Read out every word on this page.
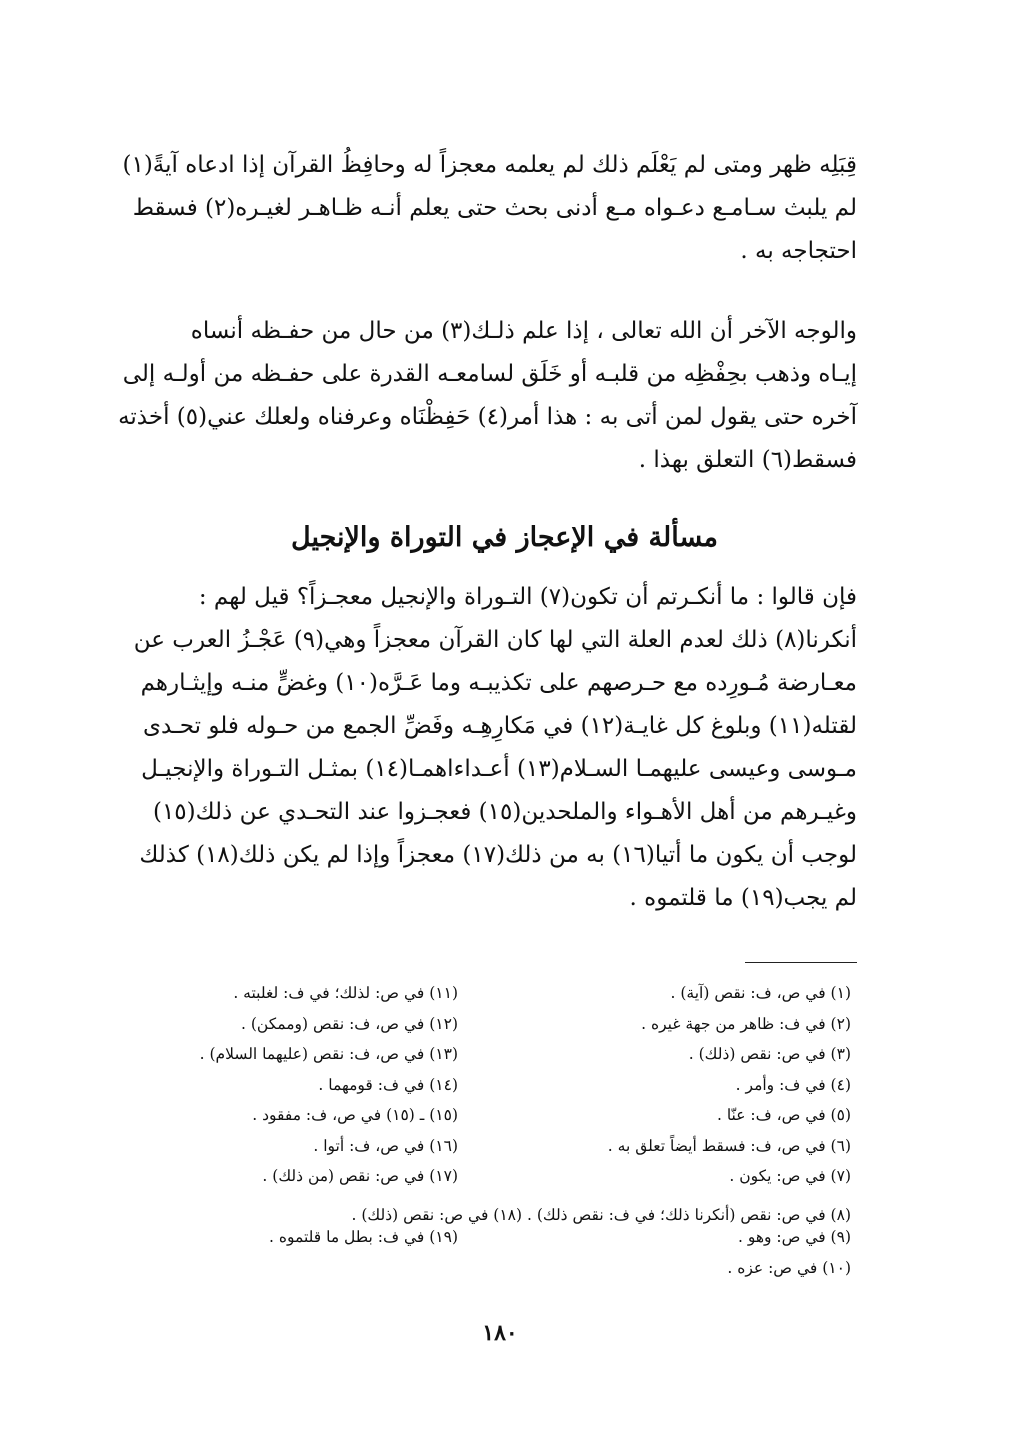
قِبَلِه ظهر ومتى لم يَعْلَم ذلك لم يعلمه معجزاً له وحافِظُ القرآن إذا ادعاه آيةً(١)
لم يلبث سـامـع دعـواه مـع أدنى بحث حتى يعلم أنـه ظـاهـر لغيـره(٢) فسقط
احتجاجه به .

والوجه الآخر أن الله تعالى ، إذا علم ذلـك(٣) من حال من حفـظه أنساه
إيـاه وذهب بحِفْظِه من قلبـه أو خَلَق لسامعـه القدرة على حفـظه من أولـه إلى
آخره حتى يقول لمن أتى به : هذا أمر(٤) حَفِظْنَاه وعرفناه ولعلك عني(٥) أخذته
فسقط(٦) التعلق بهذا .

مسألة في الإعجاز في التوراة والإنجيل

فإن قالوا : ما أنكـرتم أن تكون(٧) التـوراة والإنجيل معجـزاً؟ قيل لهم :
أنكرنا(٨) ذلك لعدم العلة التي لها كان القرآن معجزاً وهي(٩) عَجْـزُ العرب عن
معـارضة مُـورِده مع حـرصهم على تكذيبـه وما عَـرَّه(١٠) وغضٍّ منـه وإيثـارهم
لقتله(١١) وبلوغ كل غايـة(١٢) في مَكارِهِـه وفَضِّ الجمع من حـوله فلو تحـدى
مـوسى وعيسى عليهمـا السـلام(١٣) أعـداءاهمـا(١٤) بمثـل التـوراة والإنجيـل
وغيـرهم من أهل الأهـواء والملحدين(١٥) فعجـزوا عند التحـدي عن ذلك(١٥)
لوجب أن يكون ما أتيا(١٦) به من ذلك(١٧) معجزاً وإذا لم يكن ذلك(١٨) كذلك
لم يجب(١٩) ما قلتموه .

(١) في ص، ف: نقص (آية) .
(٢) في ف: ظاهر من جهة غيره .
(٣) في ص: نقص (ذلك) .
(٤) في ف: وأمر .
(٥) في ص، ف: عنّا .
(٦) في ص، ف: فسقط أيضاً تعلق به .
(٧) في ص: يكون .

(٩) في ص: وهو .
(١٠) في ص: عزه .
(٨) في ص: نقص (أنكرنا ذلك؛ في ف: نقص ذلك) . (١٨) في ص: نقص (ذلك) .
(١١) في ص: لذلك؛ في ف: لغلبته .
(١٢) في ص، ف: نقص (وممكن) .
(١٣) في ص، ف: نقص (عليهما السلام) .
(١٤) في ف: قومهما .
(١٥) ـ (١٥) في ص، ف: مفقود .
(١٦) في ص، ف: أتوا .
(١٧) في ص: نقص (من ذلك) .

(١٩) في ف: بطل ما قلتموه .
١٨٠
